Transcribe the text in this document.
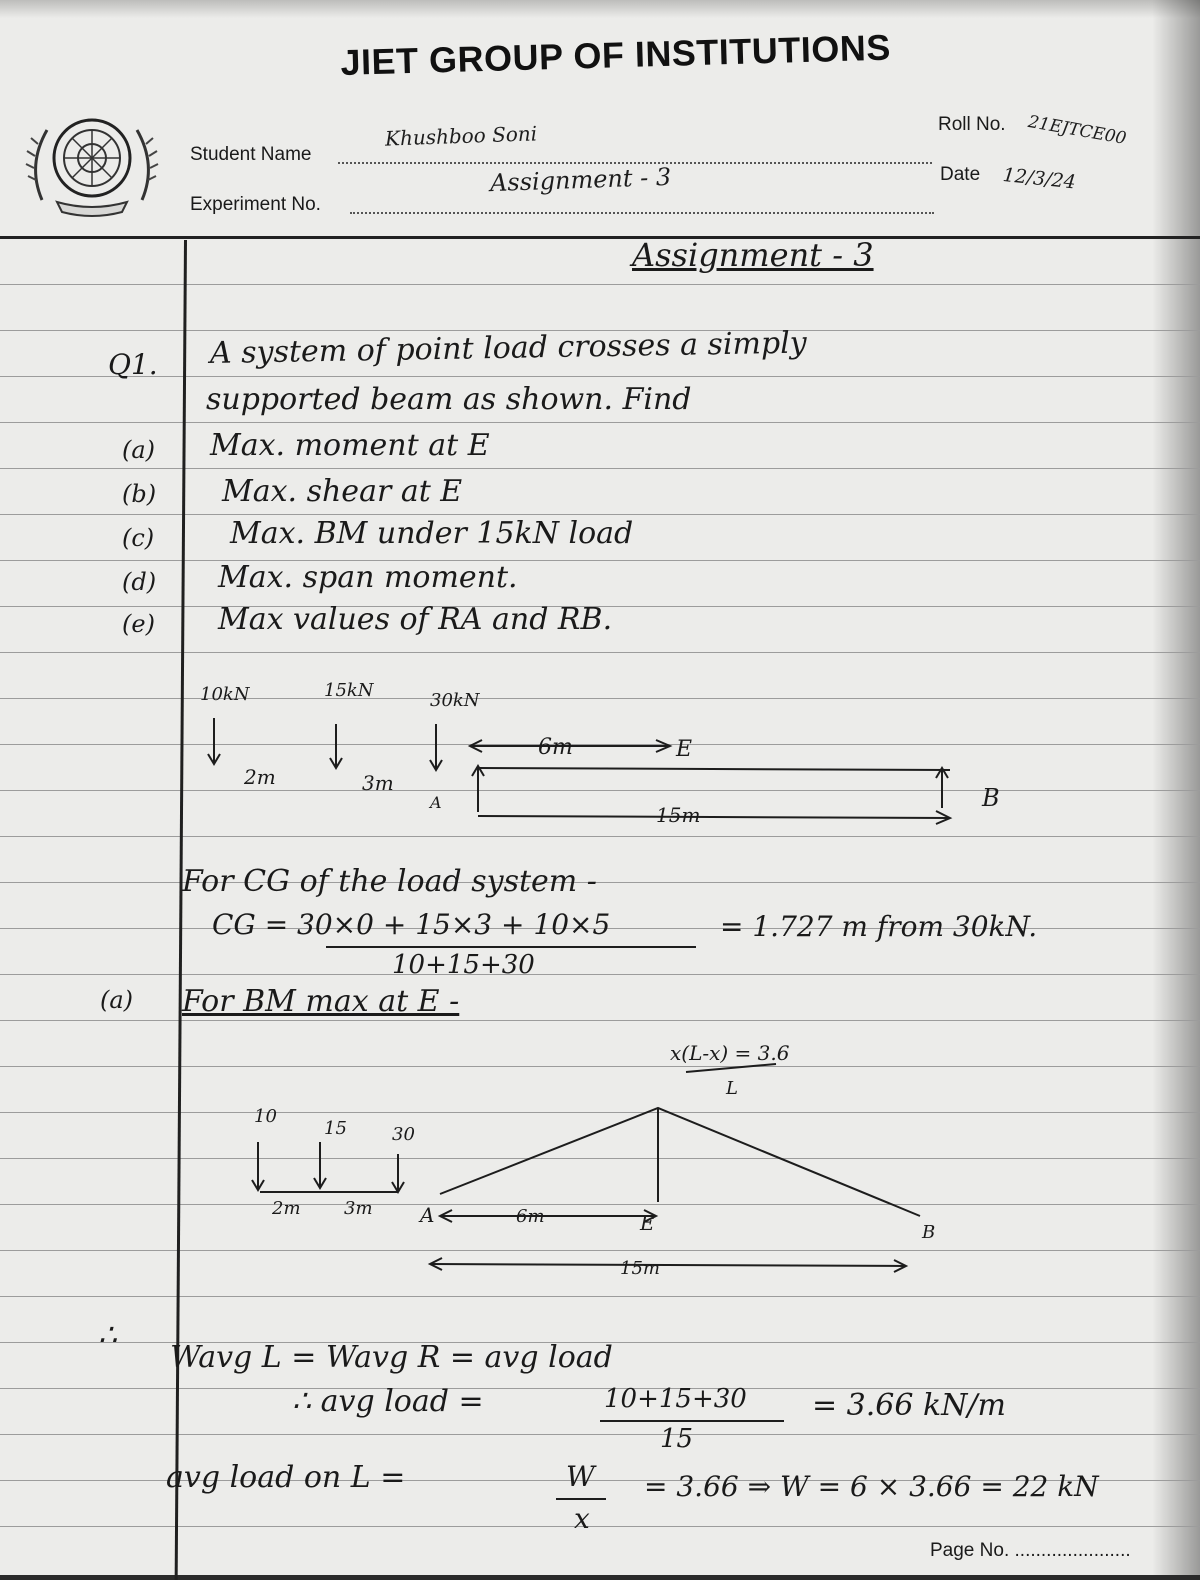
JIET GROUP OF INSTITUTIONS
Student Name
Khushboo Soni	Roll No. 21EJTCE00
Experiment No.
Assignment - 3	Date 12/3/24
Assignment - 3
Q1. A system of point load crosses a simply
supported beam as shown. Find
(a) Max. moment at E
(b) Max. shear at E
(c)	Max. BM under 15kN load
(d) Max. span moment.
(e) Max values of RA and RB.
10kN	15kN	30kN
2m	3m
6m	E
A
15m
B
For CG of the load system -
CG = 30×0 + 15×3 + 10×5
10+15+30
= 1.727 m from 30kN.
(a) For BM max at E -
x(L-x) = 3.6
L
10
15	30
2m 3m A	6m	E	B
15m
∴
Wavg L = Wavg R = avg load
∴ avg load =	10+15+30
15
= 3.66 kN/m
avg load on L =	W
x
= 3.66 ⇒ W = 6 × 3.66 = 22 kN
Page No. ......................
